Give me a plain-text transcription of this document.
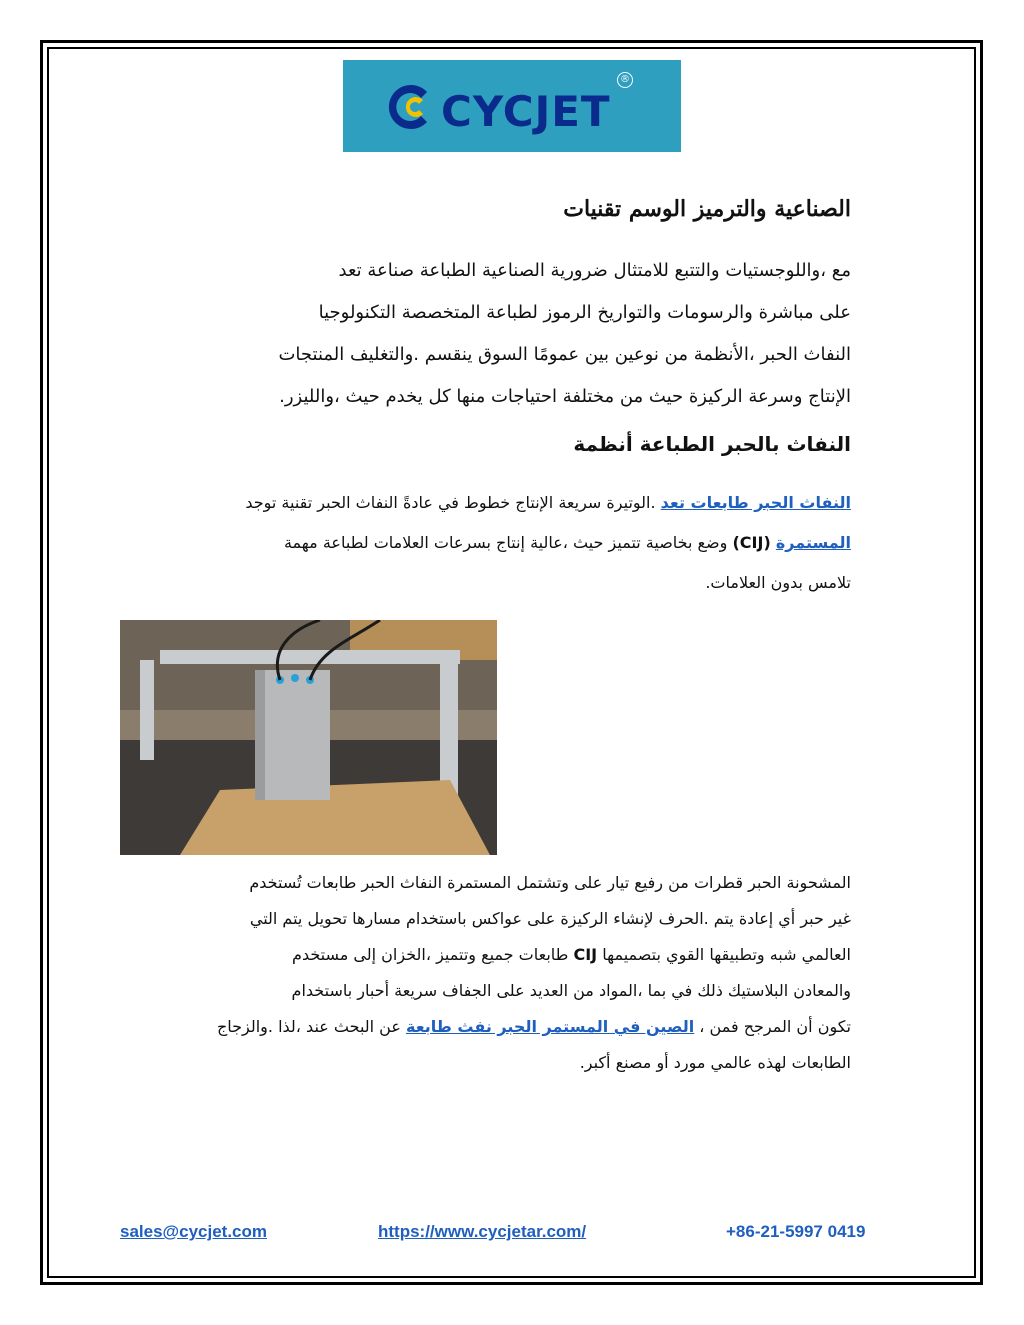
CYCJET
®
الصناعية والترميز الوسم تقنيات
مع ،واللوجستيات والتتبع للامتثال ضرورية الصناعية الطباعة صناعة تعد
على مباشرة والرسومات والتواريخ الرموز لطباعة المتخصصة التكنولوجيا
النفاث الحبر ،الأنظمة من نوعين بين عمومًا السوق ينقسم .والتغليف المنتجات
الإنتاج وسرعة الركيزة حيث من مختلفة احتياجات منها كل يخدم حيث ،والليزر.
النفاث بالحبر الطباعة أنظمة
النفاث الحبر طابعات تعد .الوتيرة سريعة الإنتاج خطوط في عادةً النفاث الحبر تقنية توجد
المستمرة (CIJ) وضع بخاصية تتميز حيث ،عالية إنتاج بسرعات العلامات لطباعة مهمة
تلامس بدون العلامات.
المشحونة الحبر قطرات من رفيع تيار على وتشتمل المستمرة النفاث الحبر طابعات تُستخدم
غير حبر أي إعادة يتم .الحرف لإنشاء الركيزة على عواكس باستخدام مسارها تحويل يتم التي
العالمي شبه وتطبيقها القوي بتصميمها CIJ طابعات جميع وتتميز ،الخزان إلى مستخدم
والمعادن البلاستيك ذلك في بما ،المواد من العديد على الجفاف سريعة أحبار باستخدام
تكون أن المرجح فمن ، الصين في المستمر الحبر نفث طابعة عن البحث عند ،لذا .والزجاج
الطابعات لهذه عالمي مورد أو مصنع أكبر.
sales@cycjet.com	https://www.cycjetar.com/	+86-21-5997 0419
